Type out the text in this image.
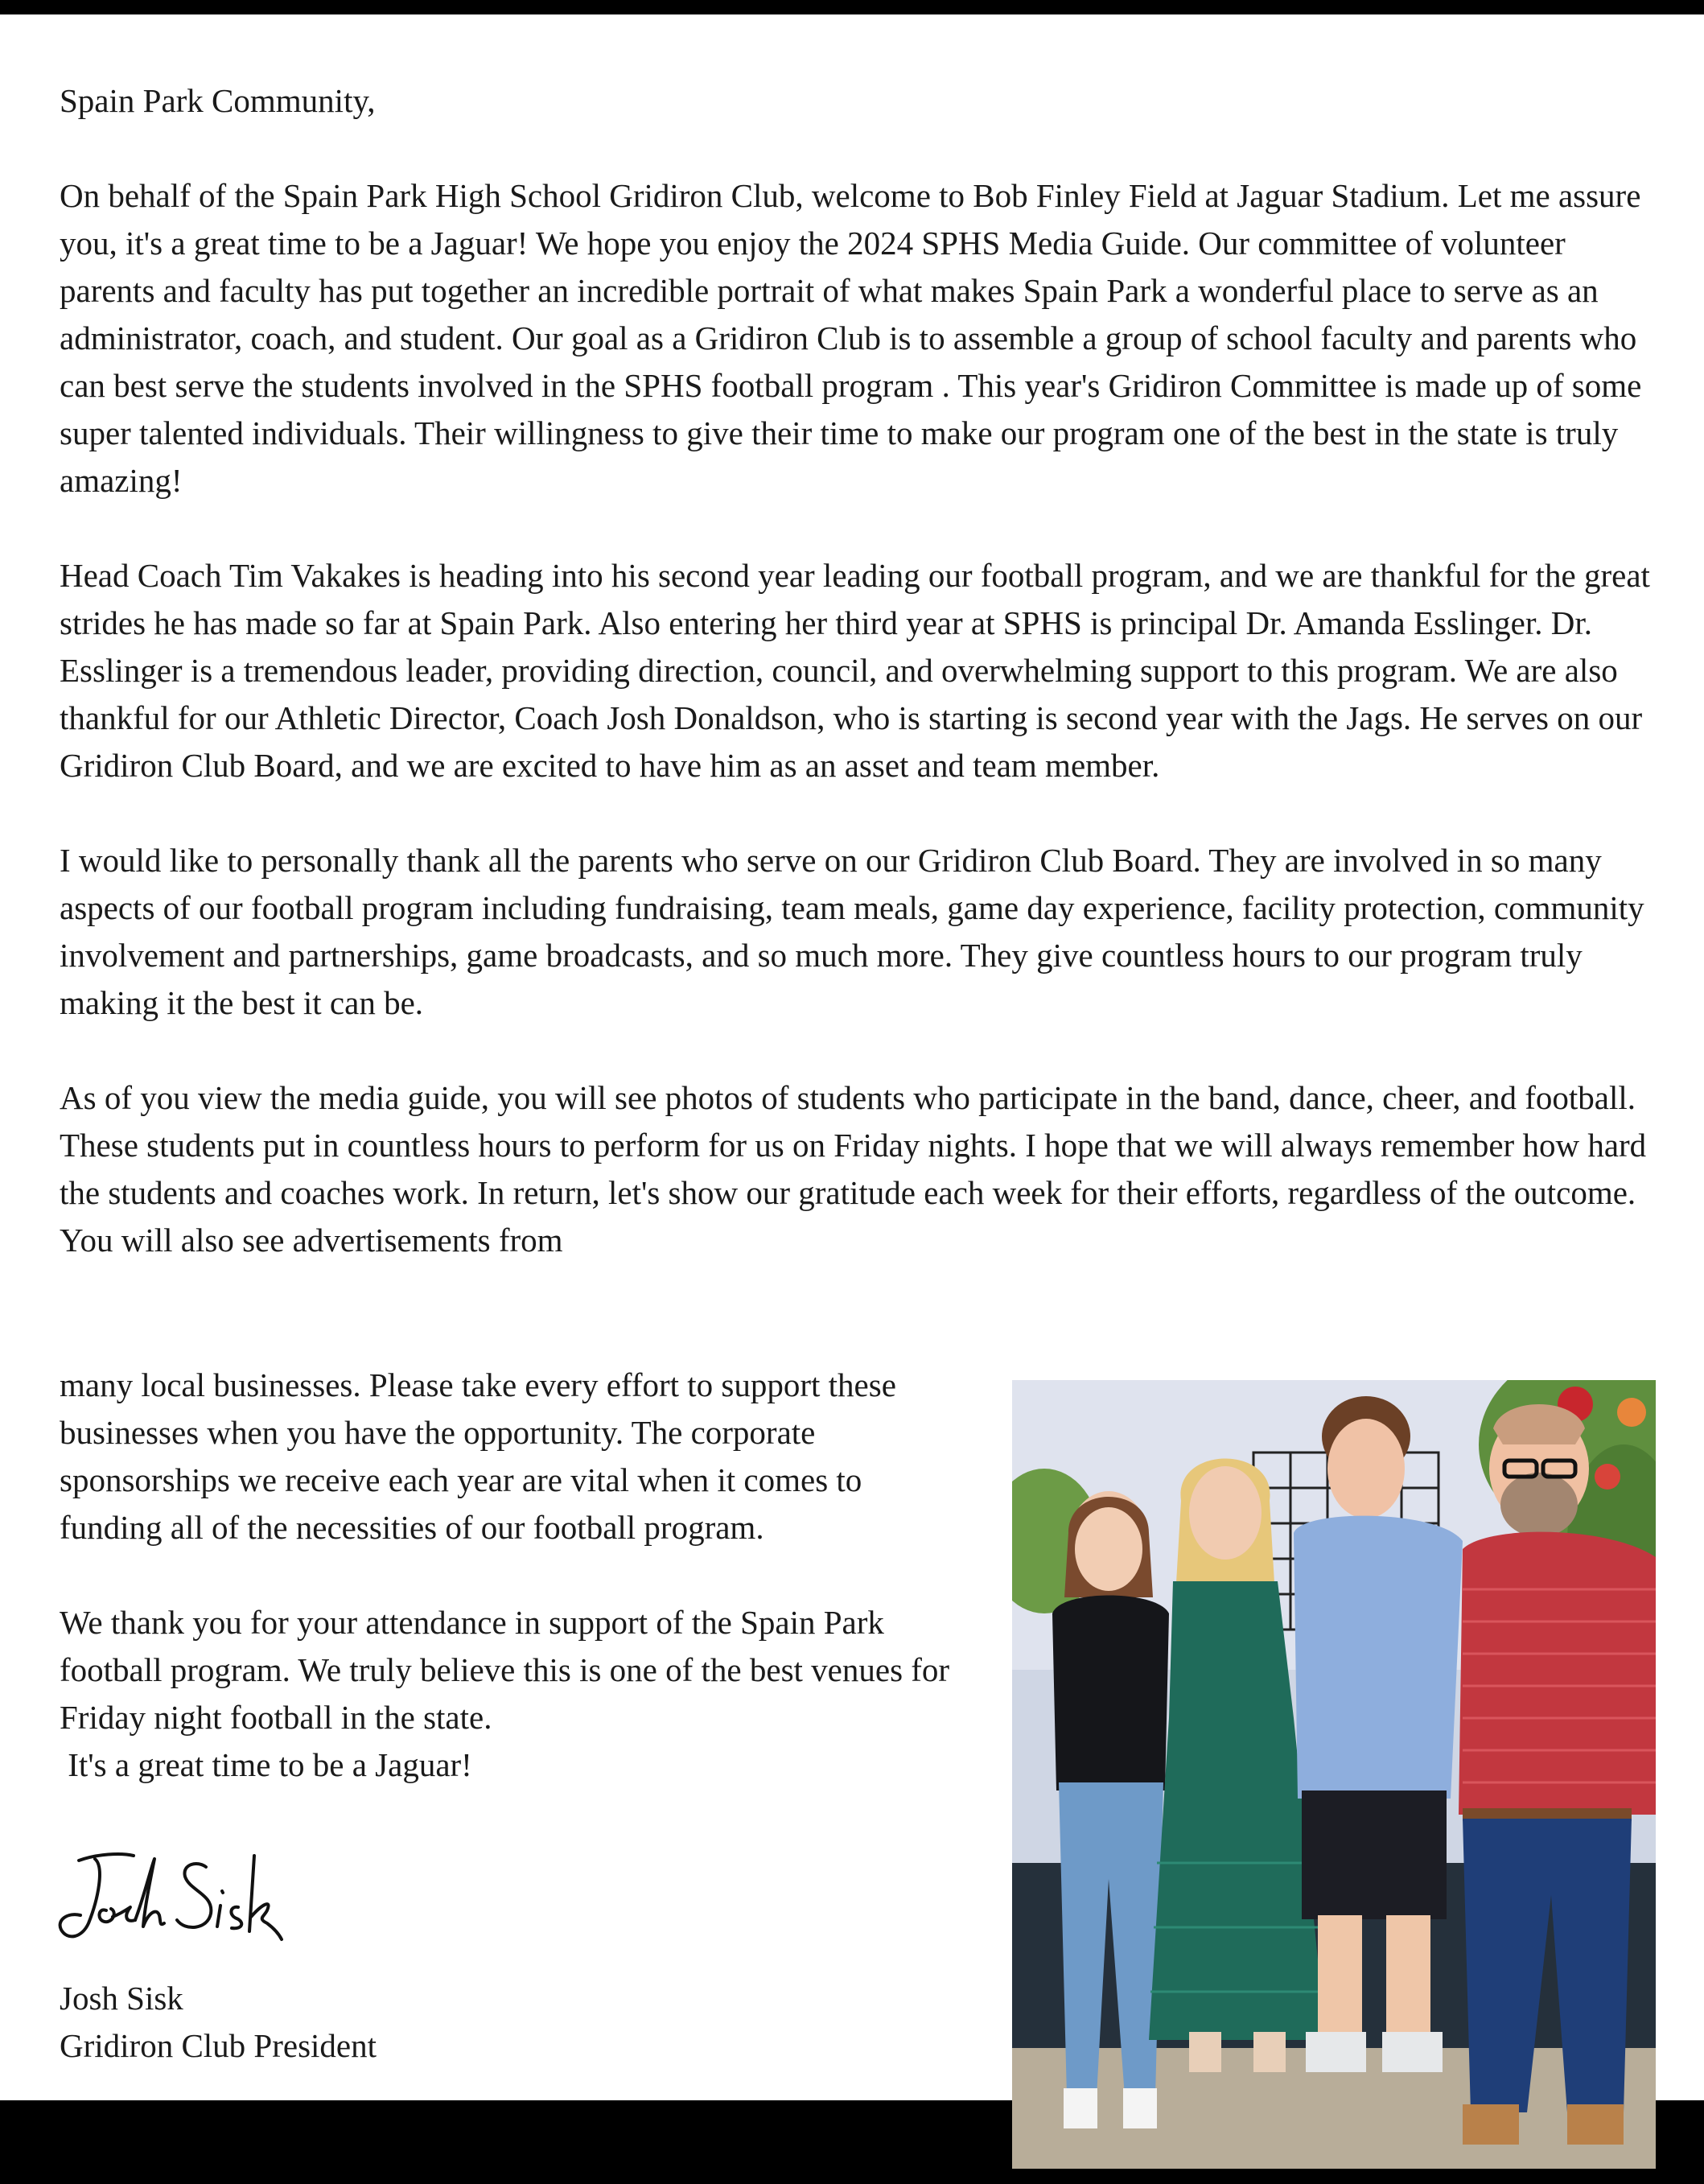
Spain Park Community,

On behalf of the Spain Park High School Gridiron Club, welcome to Bob Finley Field at Jaguar Stadium. Let me assure you, it's a great time to be a Jaguar! We hope you enjoy the 2024 SPHS Media Guide. Our committee of volunteer parents and faculty has put together an incredible portrait of what makes Spain Park a wonderful place to serve as an administrator, coach, and student. Our goal as a Gridiron Club is to assemble a group of school faculty and parents who can best serve the students involved in the SPHS football program . This year's Gridiron Committee is made up of some super talented individuals. Their willingness to give their time to make our program one of the best in the state is truly amazing!

Head Coach Tim Vakakes is heading into his second year leading our football program, and we are thankful for the great strides he has made so far at Spain Park. Also entering her third year at SPHS is principal Dr. Amanda Esslinger. Dr. Esslinger is a tremendous leader, providing direction, council, and overwhelming support to this program. We are also thankful for our Athletic Director, Coach Josh Donaldson, who is starting is second year with the Jags. He serves on our Gridiron Club Board, and we are excited to have him as an asset and team member.

I would like to personally thank all the parents who serve on our Gridiron Club Board. They are involved in so many aspects of our football program including fundraising, team meals, game day experience, facility protection, community involvement and partnerships, game broadcasts, and so much more. They give countless hours to our program truly making it the best it can be.

As of you view the media guide, you will see photos of students who participate in the band, dance, cheer, and football. These students put in countless hours to perform for us on Friday nights. I hope that we will always remember how hard the students and coaches work. In return, let's show our gratitude each week for their efforts, regardless of the outcome. You will also see advertisements from

many local businesses. Please take every effort to support these businesses when you have the opportunity. The corporate sponsorships we receive each year are vital when it comes to funding all of the necessities of our football program.

We thank you for your attendance in support of the Spain Park football program. We truly believe this is one of the best venues for Friday night football in the state.

It's a great time to be a Jaguar!
Josh Sisk
Gridiron Club President
